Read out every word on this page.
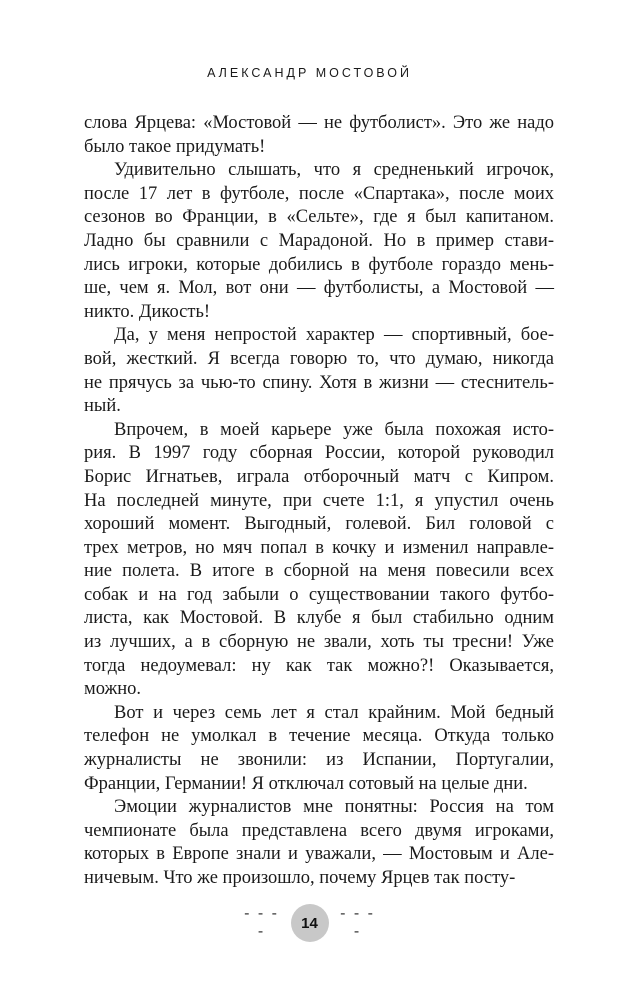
АЛЕКСАНДР МОСТОВОЙ
слова Ярцева: «Мостовой — не футболист». Это же надо
было такое придумать!
Удивительно слышать, что я средненький игрочок,
после 17 лет в футболе, после «Спартака», после моих
сезонов во Франции, в «Сельте», где я был капитаном.
Ладно бы сравнили с Марадоной. Но в пример стави-
лись игроки, которые добились в футболе гораздо мень-
ше, чем я. Мол, вот они — футболисты, а Мостовой —
никто. Дикость!
Да, у меня непростой характер — спортивный, бое-
вой, жесткий. Я всегда говорю то, что думаю, никогда
не прячусь за чью-то спину. Хотя в жизни — стеснитель-
ный.
Впрочем, в моей карьере уже была похожая исто-
рия. В 1997 году сборная России, которой руководил
Борис Игнатьев, играла отборочный матч с Кипром.
На последней минуте, при счете 1:1, я упустил очень
хороший момент. Выгодный, голевой. Бил головой с
трех метров, но мяч попал в кочку и изменил направле-
ние полета. В итоге в сборной на меня повесили всех
собак и на год забыли о существовании такого футбо-
листа, как Мостовой. В клубе я был стабильно одним
из лучших, а в сборную не звали, хоть ты тресни! Уже
тогда недоумевал: ну как так можно?! Оказывается,
можно.
Вот и через семь лет я стал крайним. Мой бедный
телефон не умолкал в течение месяца. Откуда только
журналисты не звонили: из Испании, Португалии,
Франции, Германии! Я отключал сотовый на целые дни.
Эмоции журналистов мне понятны: Россия на том
чемпионате была представлена всего двумя игроками,
которых в Европе знали и уважали, — Мостовым и Але-
ничевым. Что же произошло, почему Ярцев так посту-
- - - -	14
- - - -
